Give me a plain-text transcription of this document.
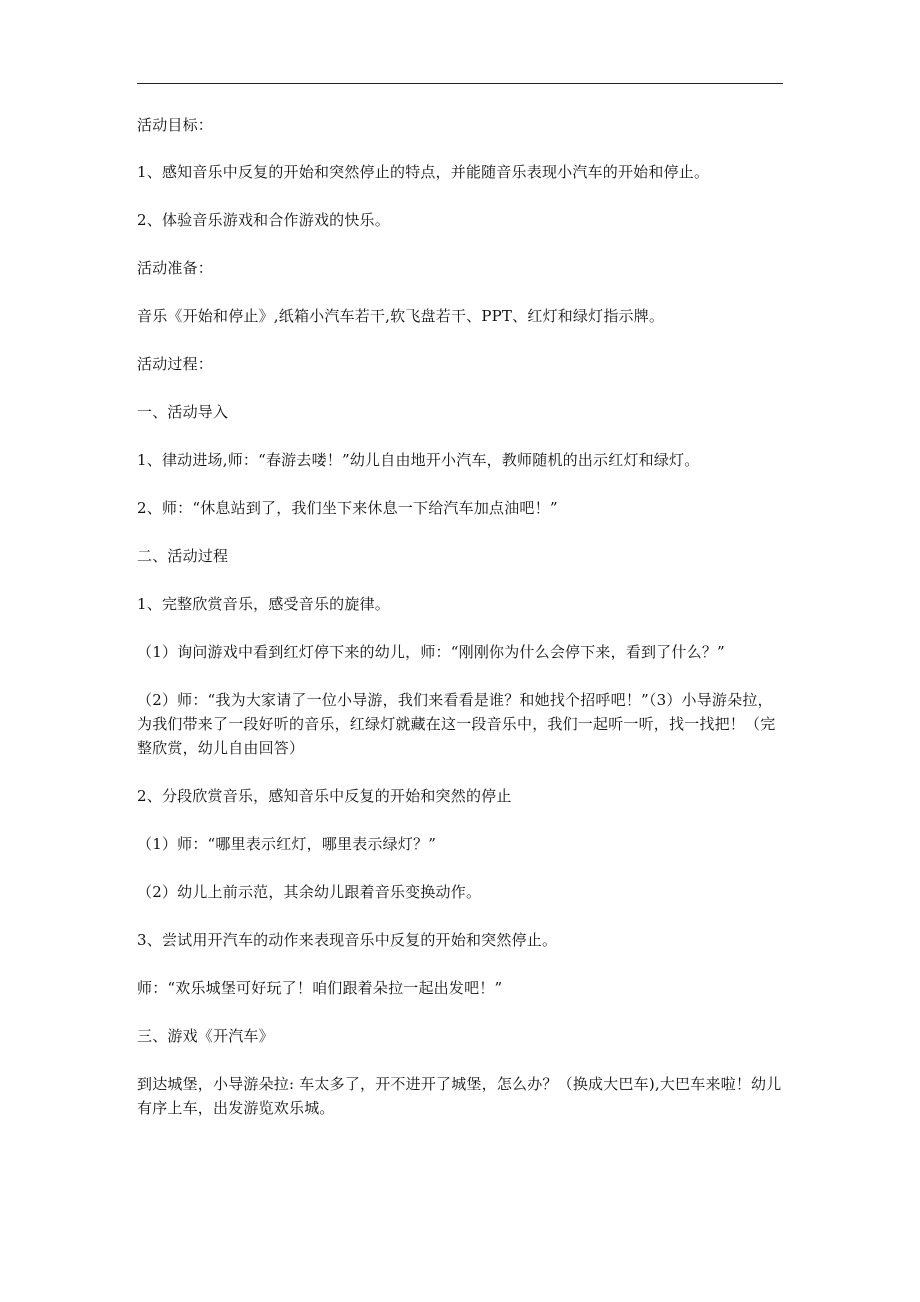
活动目标：

1、感知音乐中反复的开始和突然停止的特点，并能随音乐表现小汽车的开始和停止。

2、体验音乐游戏和合作游戏的快乐。

活动准备：

音乐《开始和停止》,纸箱小汽车若干,软飞盘若干、PPT、红灯和绿灯指示牌。

活动过程：

一、活动导入

1、律动进场,师：“春游去喽！”幼儿自由地开小汽车，教师随机的出示红灯和绿灯。

2、师：“休息站到了，我们坐下来休息一下给汽车加点油吧！”

二、活动过程

1、完整欣赏音乐，感受音乐的旋律。

（1）询问游戏中看到红灯停下来的幼儿，师：“刚刚你为什么会停下来，看到了什么？”

（2）师：“我为大家请了一位小导游，我们来看看是谁？和她找个招呼吧！”（3）小导游朵拉，为我们带来了一段好听的音乐，红绿灯就藏在这一段音乐中，我们一起听一听，找一找把！（完整欣赏，幼儿自由回答）

2、分段欣赏音乐，感知音乐中反复的开始和突然的停止

（1）师：“哪里表示红灯，哪里表示绿灯？”

（2）幼儿上前示范，其余幼儿跟着音乐变换动作。

3、尝试用开汽车的动作来表现音乐中反复的开始和突然停止。

师：“欢乐城堡可好玩了！咱们跟着朵拉一起出发吧！”

三、游戏《开汽车》

到达城堡，小导游朵拉: 车太多了，开不进开了城堡，怎么办？（换成大巴车),大巴车来啦！幼儿有序上车，出发游览欢乐城。
